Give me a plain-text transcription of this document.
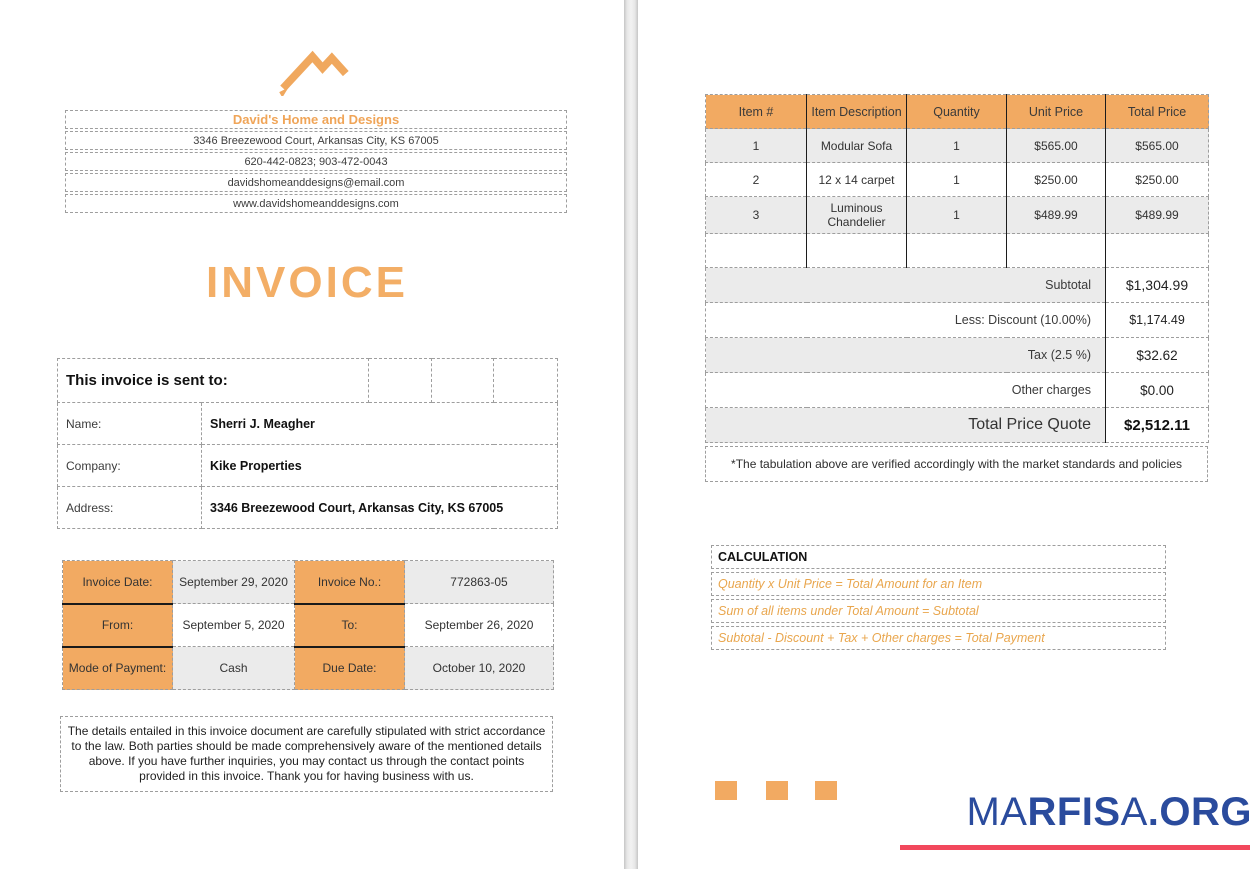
David's Home and Designs
3346 Breezewood Court, Arkansas City, KS 67005
620-442-0823; 903-472-0043
davidshomeanddesigns@email.com
www.davidshomeanddesigns.com
INVOICE
This invoice is sent to:				
Name:	Sherri J. Meagher			
Company:	Kike Properties			
Address:	3346 Breezewood Court, Arkansas City, KS 67005			
Invoice Date:	September 29, 2020	Invoice No.:	772863-05
From:	September 5, 2020	To:	September 26, 2020
Mode of Payment:	Cash	Due Date:	October 10, 2020
The details entailed in this invoice document are carefully stipulated with strict accordance to the law. Both parties should be made comprehensively aware of the mentioned details above. If you have further inquiries, you may contact us through the contact points provided in this invoice. Thank you for having business with us.
Item #	Item Description	Quantity	Unit Price	Total Price
1	Modular Sofa	1	$565.00	$565.00
2	12 x 14 carpet	1	$250.00	$250.00
3	Luminous Chandelier	1	$489.99	$489.99

Subtotal				$1,304.99
Less: Discount (10.00%)				$1,174.49
Tax (2.5 %)				$32.62
Other charges				$0.00
Total Price Quote				$2,512.11
*The tabulation above are verified accordingly with the market standards and policies
CALCULATION
Quantity x Unit Price = Total Amount for an Item
Sum of all items under Total Amount = Subtotal
Subtotal - Discount + Tax + Other charges = Total Payment
MARFISA.ORG
